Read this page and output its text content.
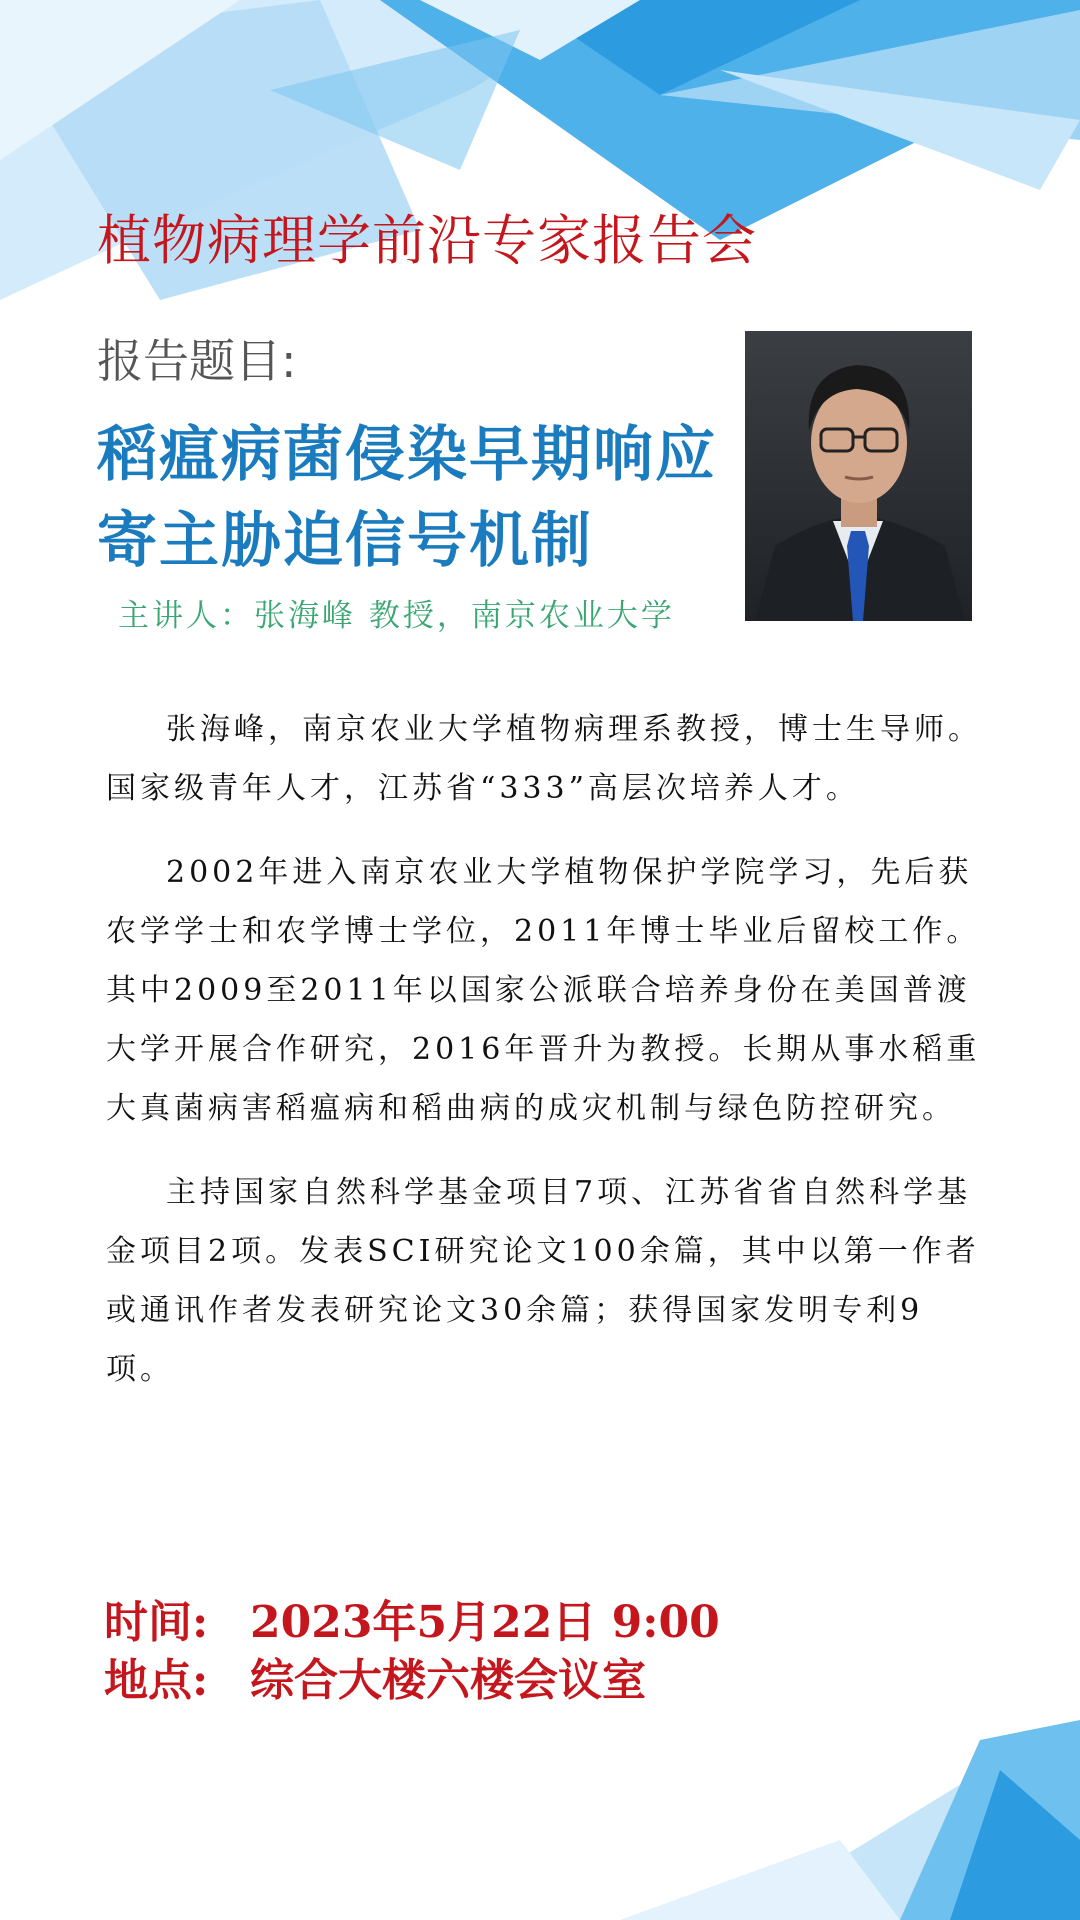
植物病理学前沿专家报告会
报告题目:
稻瘟病菌侵染早期响应
寄主胁迫信号机制
主讲人：张海峰 教授，南京农业大学

张海峰，南京农业大学植物病理系教授，博士生导师。国家级青年人才，江苏省“333”高层次培养人才。

2002年进入南京农业大学植物保护学院学习，先后获农学学士和农学博士学位，2011年博士毕业后留校工作。其中2009至2011年以国家公派联合培养身份在美国普渡大学开展合作研究，2016年晋升为教授。长期从事水稻重大真菌病害稻瘟病和稻曲病的成灾机制与绿色防控研究。

主持国家自然科学基金项目7项、江苏省省自然科学基金项目2项。发表SCI研究论文100余篇，其中以第一作者或通讯作者发表研究论文30余篇；获得国家发明专利9项。

时间: 2023年5月22日 9:00
地点: 综合大楼六楼会议室
